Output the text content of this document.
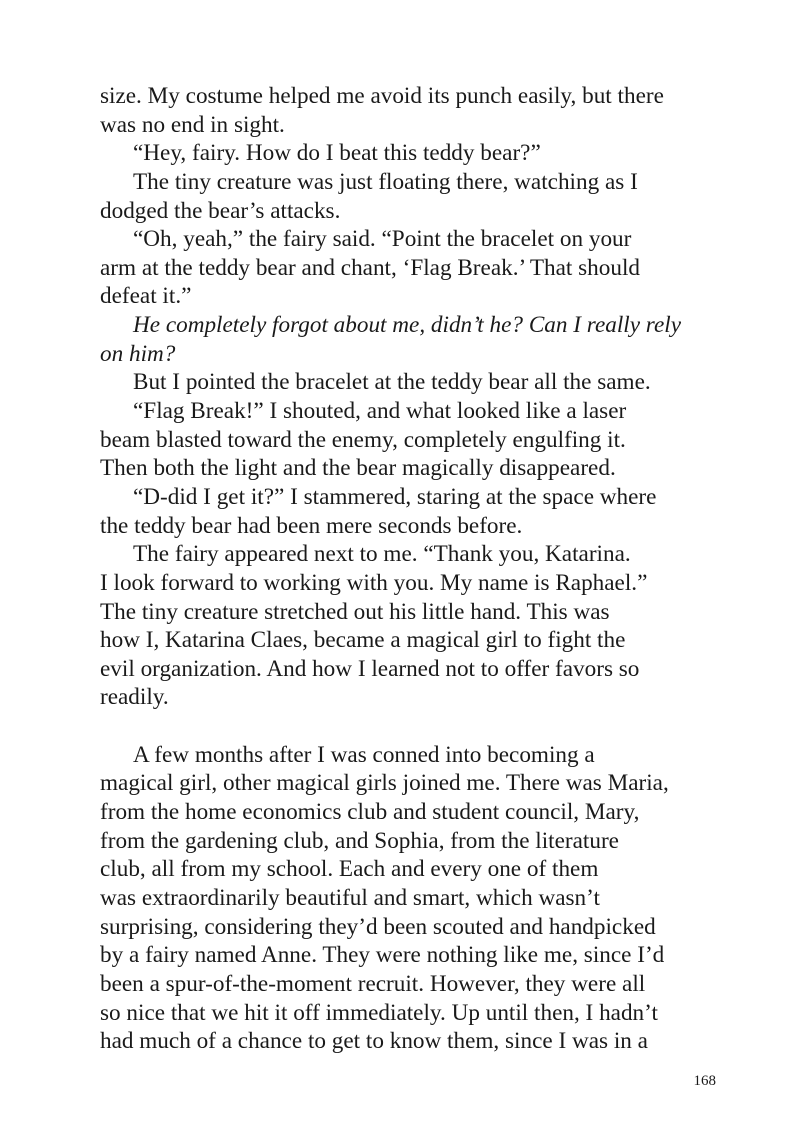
size. My costume helped me avoid its punch easily, but there
was no end in sight.
“Hey, fairy. How do I beat this teddy bear?”
The tiny creature was just floating there, watching as I
dodged the bear’s attacks.
“Oh, yeah,” the fairy said. “Point the bracelet on your
arm at the teddy bear and chant, ‘Flag Break.’ That should
defeat it.”
He completely forgot about me, didn’t he? Can I really rely
on him?
But I pointed the bracelet at the teddy bear all the same.
“Flag Break!” I shouted, and what looked like a laser
beam blasted toward the enemy, completely engulfing it.
Then both the light and the bear magically disappeared.
“D-did I get it?” I stammered, staring at the space where
the teddy bear had been mere seconds before.
The fairy appeared next to me. “Thank you, Katarina.
I look forward to working with you. My name is Raphael.”
The tiny creature stretched out his little hand. This was
how I, Katarina Claes, became a magical girl to fight the
evil organization. And how I learned not to offer favors so
readily.
A few months after I was conned into becoming a
magical girl, other magical girls joined me. There was Maria,
from the home economics club and student council, Mary,
from the gardening club, and Sophia, from the literature
club, all from my school. Each and every one of them
was extraordinarily beautiful and smart, which wasn’t
surprising, considering they’d been scouted and handpicked
by a fairy named Anne. They were nothing like me, since I’d
been a spur-of-the-moment recruit. However, they were all
so nice that we hit it off immediately. Up until then, I hadn’t
had much of a chance to get to know them, since I was in a
168
